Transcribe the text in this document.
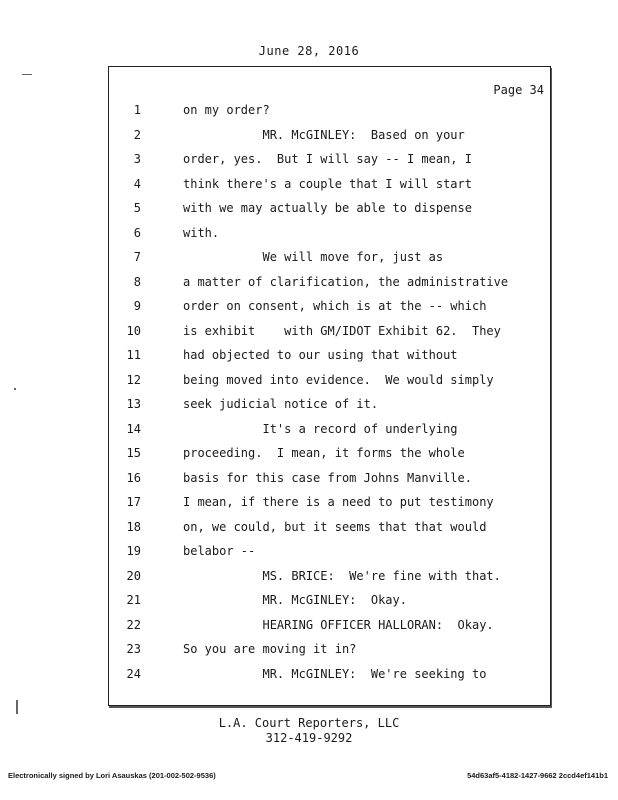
June 28, 2016
Page 34
1	on my order?
2	MR. McGINLEY:  Based on your
3	order, yes.  But I will say -- I mean, I
4	think there's a couple that I will start
5	with we may actually be able to dispense
6	with.
7	We will move for, just as
8	a matter of clarification, the administrative
9	order on consent, which is at the -- which
10	is exhibit    with GM/IDOT Exhibit 62.  They
11	had objected to our using that without
12	being moved into evidence.  We would simply
13	seek judicial notice of it.
14	It's a record of underlying
15	proceeding.  I mean, it forms the whole
16	basis for this case from Johns Manville.
17	I mean, if there is a need to put testimony
18	on, we could, but it seems that that would
19	belabor --
20	MS. BRICE:  We're fine with that.
21	MR. McGINLEY:  Okay.
22	HEARING OFFICER HALLORAN:  Okay.
23	So you are moving it in?
24	MR. McGINLEY:  We're seeking to
L.A. Court Reporters, LLC
312-419-9292
Electronically signed by Lori Asauskas (201-002-502-9536)	54d63af5-4182-1427-9662 2ccd4ef141b1
